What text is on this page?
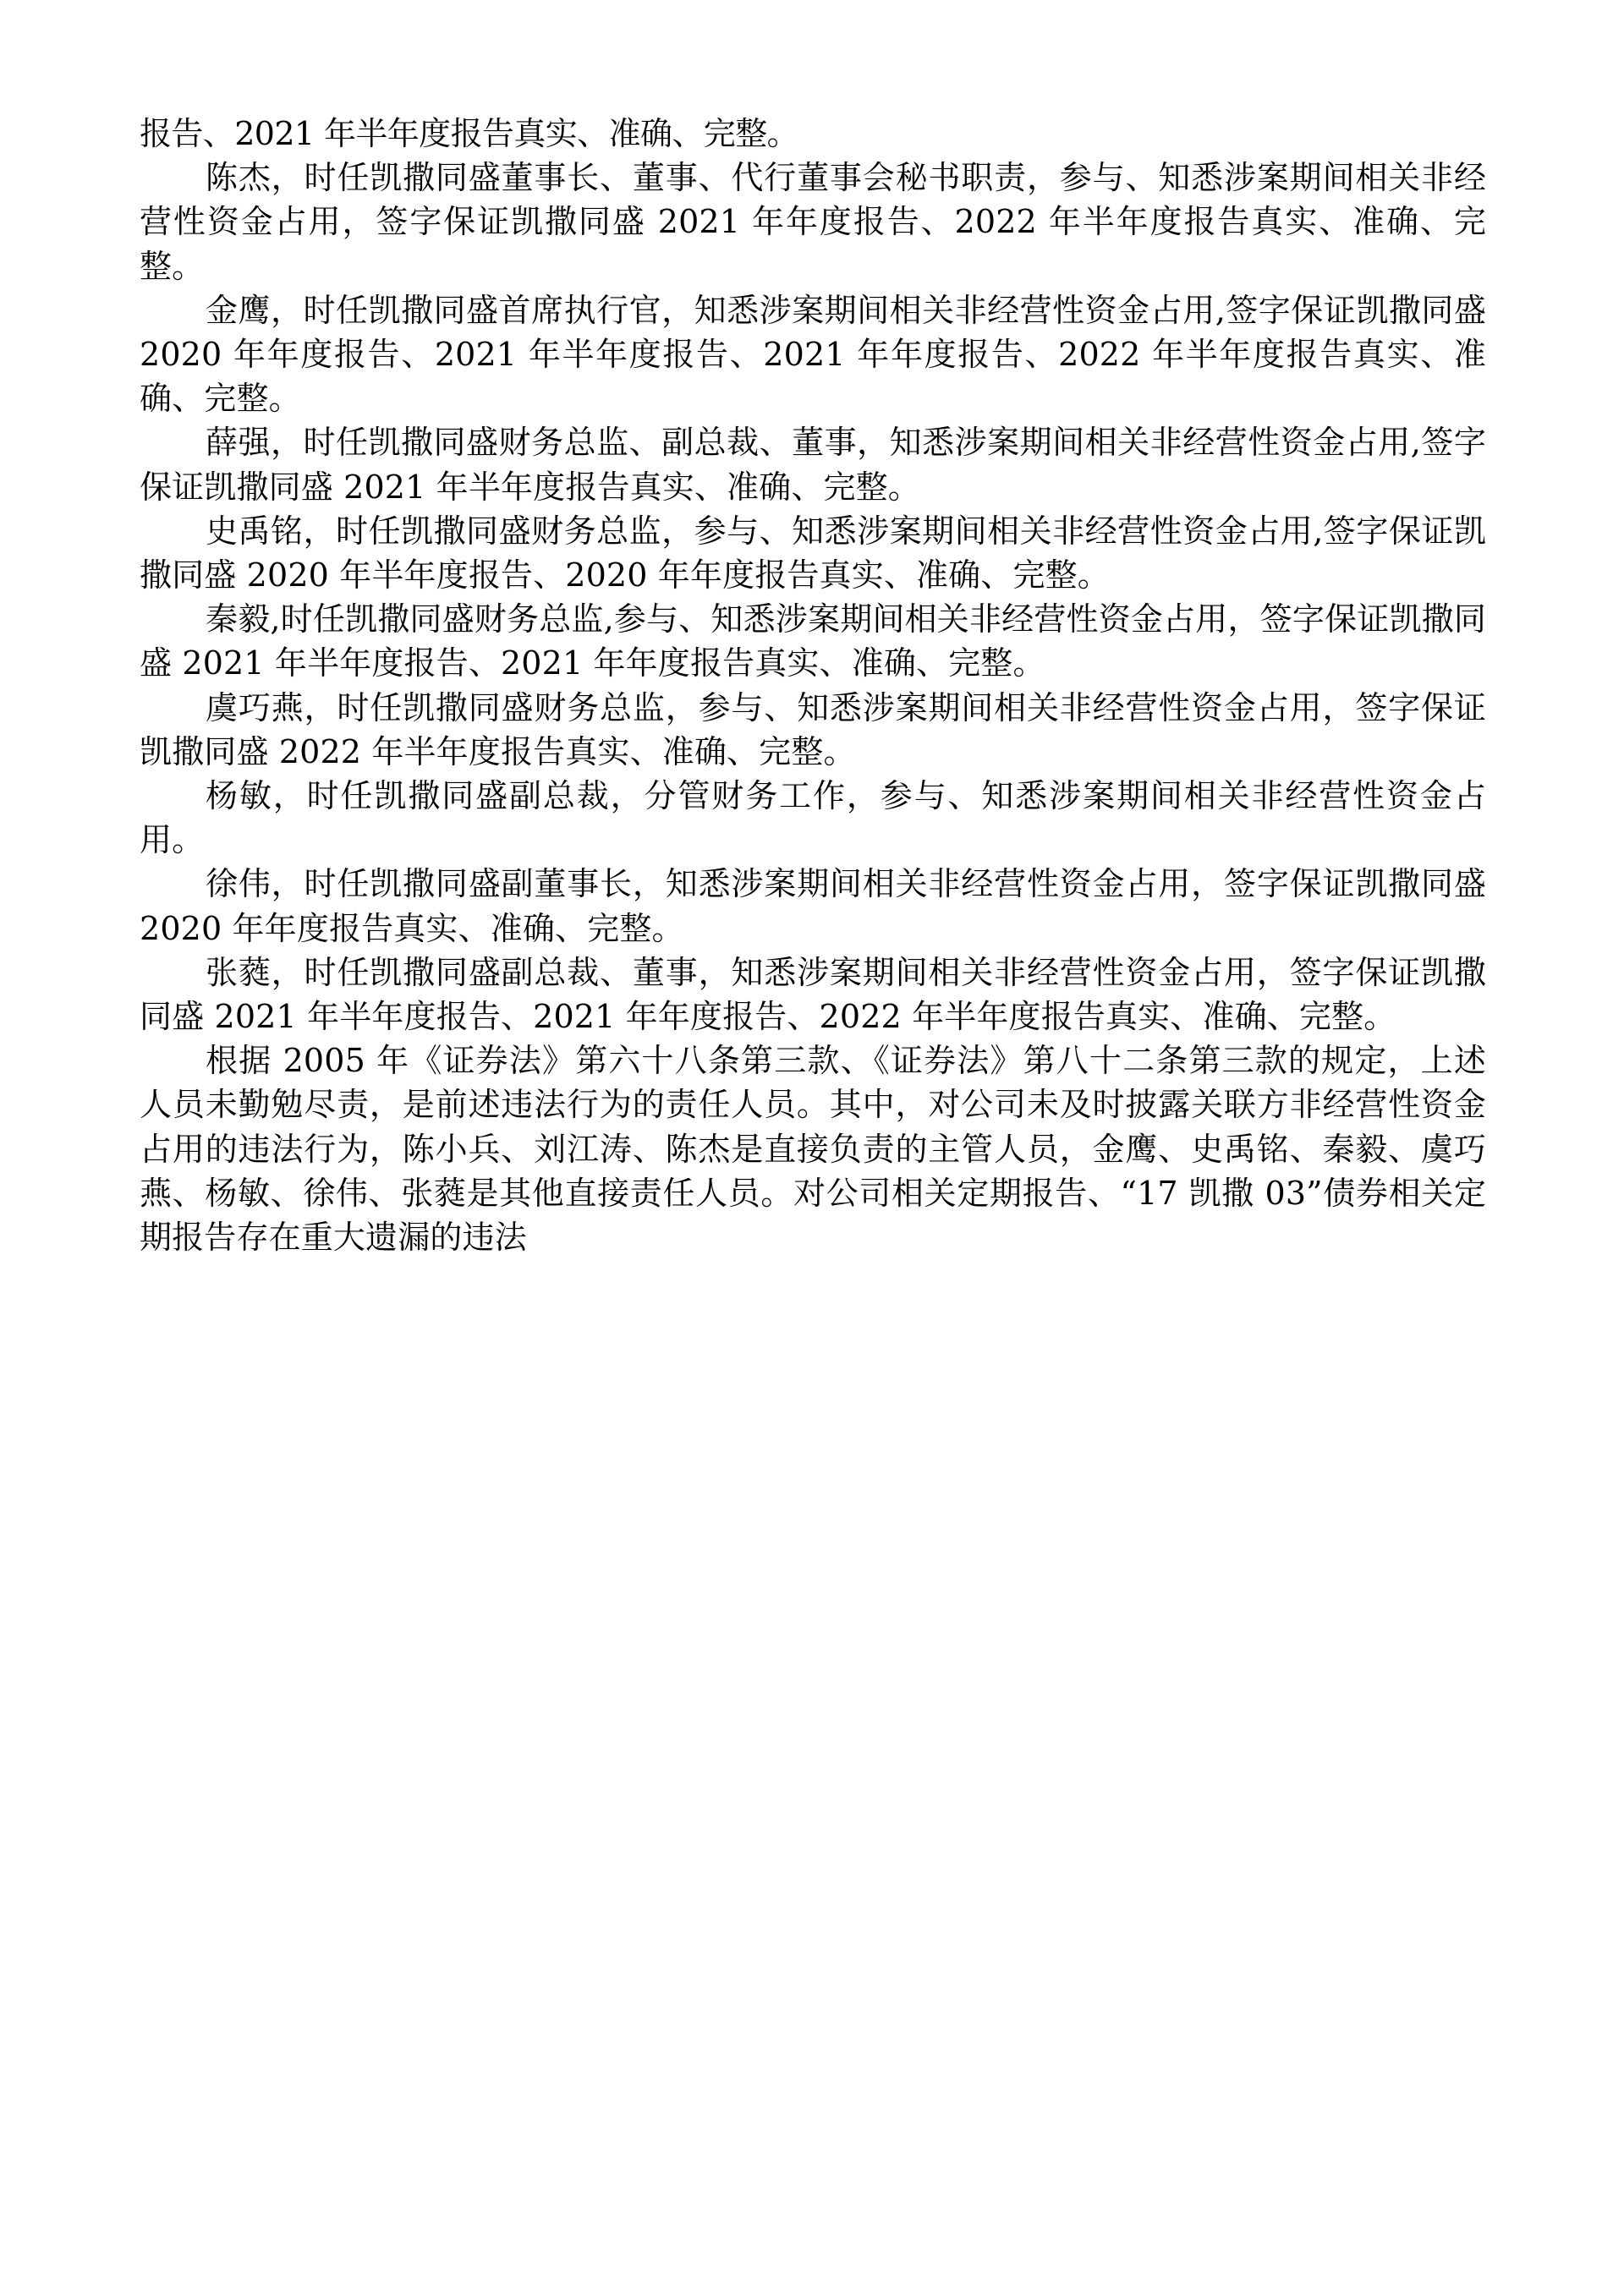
报告、2021 年半年度报告真实、准确、完整。

陈杰，时任凯撒同盛董事长、董事、代行董事会秘书职责，参与、知悉涉案期间相关非经营性资金占用，签字保证凯撒同盛 2021 年年度报告、2022 年半年度报告真实、准确、完整。

金鹰，时任凯撒同盛首席执行官，知悉涉案期间相关非经营性资金占用,签字保证凯撒同盛 2020 年年度报告、2021 年半年度报告、2021 年年度报告、2022 年半年度报告真实、准确、完整。

薛强，时任凯撒同盛财务总监、副总裁、董事，知悉涉案期间相关非经营性资金占用,签字保证凯撒同盛 2021 年半年度报告真实、准确、完整。

史禹铭，时任凯撒同盛财务总监，参与、知悉涉案期间相关非经营性资金占用,签字保证凯撒同盛 2020 年半年度报告、2020 年年度报告真实、准确、完整。

秦毅,时任凯撒同盛财务总监,参与、知悉涉案期间相关非经营性资金占用，签字保证凯撒同盛 2021 年半年度报告、2021 年年度报告真实、准确、完整。

虞巧燕，时任凯撒同盛财务总监，参与、知悉涉案期间相关非经营性资金占用，签字保证凯撒同盛 2022 年半年度报告真实、准确、完整。

杨敏，时任凯撒同盛副总裁，分管财务工作，参与、知悉涉案期间相关非经营性资金占用。

徐伟，时任凯撒同盛副董事长，知悉涉案期间相关非经营性资金占用，签字保证凯撒同盛 2020 年年度报告真实、准确、完整。

张蕤，时任凯撒同盛副总裁、董事，知悉涉案期间相关非经营性资金占用，签字保证凯撒同盛 2021 年半年度报告、2021 年年度报告、2022 年半年度报告真实、准确、完整。

根据 2005 年《证券法》第六十八条第三款、《证券法》第八十二条第三款的规定，上述人员未勤勉尽责，是前述违法行为的责任人员。其中，对公司未及时披露关联方非经营性资金占用的违法行为，陈小兵、刘江涛、陈杰是直接负责的主管人员，金鹰、史禹铭、秦毅、虞巧燕、杨敏、徐伟、张蕤是其他直接责任人员。对公司相关定期报告、“17 凯撒 03”债券相关定期报告存在重大遗漏的违法
